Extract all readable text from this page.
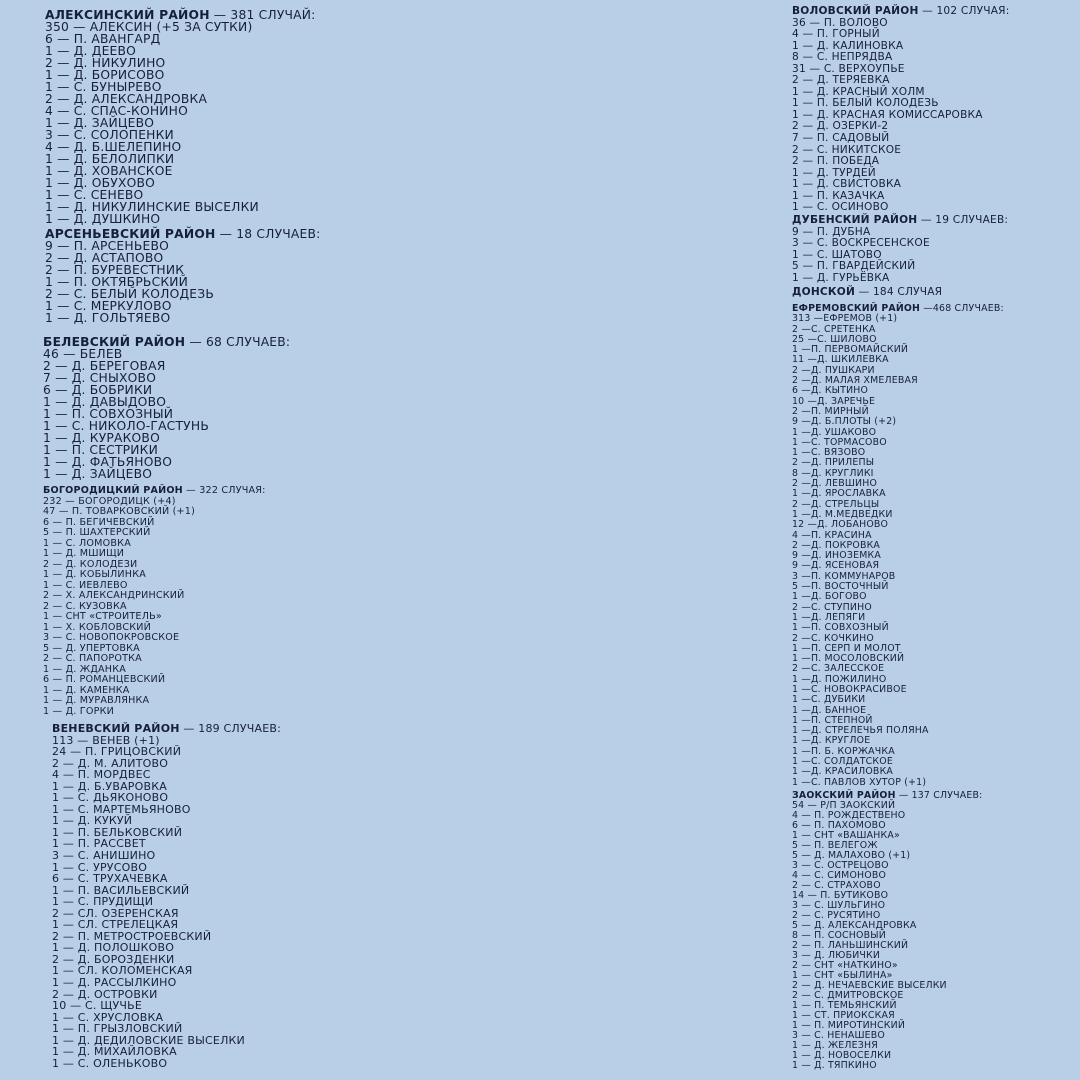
АЛЕКСИНСКИЙ РАЙОН — 381 СЛУЧАЙ:
350 — АЛЕКСИН (+5 ЗА СУТКИ)
6 — П. АВАНГАРД
1 — Д. ДЕЕВО
2 — Д. НИКУЛИНО
1 — Д. БОРИСОВО
1 — С. БУНЫРЕВO
2 — Д. АЛЕКСАНДРОВКА
4 — С. СПАС-КОНИНО
1 — Д. ЗАЙЦЕВО
3 — С. СОЛОПЕНКИ
4 — Д. Б.ШЕЛЕПИНО
1 — Д. БЕЛОЛИПКИ
1 — Д. ХОВАНСКОЕ
1 — Д. ОБУХОВО
1 — С. СЕНЕВО
1 — Д. НИКУЛИНСКИЕ ВЫСЕЛКИ
1 — Д. ДУШКИНО
АРСЕНЬЕВСКИЙ РАЙОН — 18 СЛУЧАЕВ:
9 — П. АРСЕНЬЕВО
2 — Д. АСТАПОВО
2 — П. БУРЕВЕСТНИК
1 — П. ОКТЯБРЬСКИЙ
2 — С. БЕЛЫЙ КОЛОДЕЗЬ
1 — С. МЕРКУЛОВО
1 — Д. ГОЛЬТЯЕВО
БЕЛЕВСКИЙ РАЙОН — 68 СЛУЧАЕВ:
46 — БЕЛЕВ
2 — Д. БЕРЕГОВАЯ
7 — Д. СНЫХОВО
6 — Д. БОБРИКИ
1 — Д. ДАВЫДОВО
1 — П. СОВХОЗНЫЙ
1 — С. НИКОЛО-ГАСТУНЬ
1 — Д. КУРАКОВО
1 — П. СЕСТРИКИ
1 — Д. ФАТЬЯНОВО
1 — Д. ЗАЙЦЕВО
БОГОРОДИЦКИЙ РАЙОН — 322 СЛУЧАЯ:
232 — БОГОРОДИЦК (+4)
47 — П. ТОВАРКОВСКИЙ (+1)
6 — П. БЕГИЧЕВСКИЙ
5 — П. ШАХТЕРСКИЙ
1 — С. ЛОМОВКА
1 — Д. МШИЩИ
2 — Д. КОЛОДЕЗИ
1 — Д. КОБЫЛИНКА
1 — С. ИЕВЛЕВО
2 — Х. АЛЕКСАНДРИНСКИЙ
2 — С. КУЗОВКА
1 — СНТ «СТРОИТЕЛЬ»
1 — Х. КОБЛОВСКИЙ
3 — С. НОВОПОКРОВСКОЕ
5 — Д. УПЕРТОВКА
2 — С. ПАПОРОТКА
1 — Д. ЖДАНКА
6 — П. РОМАНЦЕВСКИЙ
1 — Д. КАМЕНКА
1 — Д. МУРАВЛЯНКА
1 — Д. ГОРКИ
ВЕНЕВСКИЙ РАЙОН — 189 СЛУЧАЕВ:
113 — ВЕНЕВ (+1)
24 — П. ГРИЦОВСКИЙ
2 — Д. М. АЛИТОВО
4 — П. МОРДВЕС
1 — Д. Б.УВАРОВКА
1 — С. ДЬЯКОНОВО
1 — С. МАРТЕМЬЯНОВО
1 — Д. КУКУЙ
1 — П. БЕЛЬКОВСКИЙ
1 — П. РАССВЕТ
3 — С. АНИШИНО
1 — С. УРУСОВО
6 — С. ТРУХАЧЕВКА
1 — П. ВАСИЛЬЕВСКИЙ
1 — С. ПРУДИЩИ
2 — СЛ. ОЗЕРЕНСКАЯ
1 — СЛ. СТРЕЛЕЦКАЯ
2 — П. МЕТРОСТРОЕВСКИЙ
1 — Д. ПОЛОШКОВО
2 — Д. БОРОЗДЕНКИ
1 — СЛ. КОЛОМЕНСКАЯ
1 — Д. РАССЫЛКИНО
2 — Д. ОСТРОВКИ
10 — С. ЩУЧЬЕ
1 — С. ХРУСЛОВКА
1 — П. ГРЫЗЛОВСКИЙ
1 — Д. ДЕДИЛОВСКИЕ ВЫСЕЛКИ
1 — Д. МИХАЙЛОВКА
1 — С. ОЛЕНЬКОВО
ВОЛОВСКИЙ РАЙОН — 102 СЛУЧАЯ:
36 — П. ВОЛОВО
4 — П. ГОРНЫЙ
1 — Д. КАЛИНОВКА
8 — С. НЕПРЯДВА
31 — С. ВЕРХОУПЬЕ
2 — Д. ТЕРЯЕВКА
1 — Д. КРАСНЫЙ ХОЛМ
1 — П. БЕЛЫЙ КОЛОДЕЗЬ
1 — Д. КРАСНАЯ КОМИССАРОВКА
2 — Д. ОЗЕРКИ-2
7 — П. САДОВЫЙ
2 — С. НИКИТСКОЕ
2 — П. ПОБЕДА
1 — Д. ТУРДЕЙ
1 — Д. СВИСТОВКА
1 — П. КАЗАЧКА
1 — С. ОСИНОВО
ДУБЕНСКИЙ РАЙОН — 19 СЛУЧАЕВ:
9 — П. ДУБНА
3 — С. ВОСКРЕСЕНСКОЕ
1 — С. ШАТОВО
5 — П. ГВАРДЕЙСКИЙ
1 — Д. ГУРЬЁВКА
ДОНСКОЙ — 184 СЛУЧАЯ
ЕФРЕМОВСКИЙ РАЙОН —468 СЛУЧАЕВ:
313 —ЕФРЕМОВ (+1)
2 —С. СРЕТЕНКА
25 —С. ШИЛОВО
1 —П. ПЕРВОМАЙСКИЙ
11 —Д. ШКИЛЕВКА
2 —Д. ПУШКАРИ
2 —Д. МАЛАЯ ХМЕЛЕВАЯ
6 —Д. КЫТИНО
10 —Д. ЗАРЕЧЬЕ
2 —П. МИРНЫЙ
9 —Д. Б.ПЛОТЫ (+2)
1 —Д. УШАКОВО
1 —С. ТОРМАСОВО
1 —С. ВЯЗОВО
2 —Д. ПРИЛЕПЫ
8 —Д. КРУГЛИКI
2 —Д. ЛЕВШИНО
1 —Д. ЯРОСЛАВКА
2 —Д. СТРЕЛЬЦЫ
1 —Д. М.МЕДВЕДКИ
12 —Д. ЛОБАНОВО
4 —П. КРАСИНА
2 —Д. ПОКРОВКА
9 —Д. ИНОЗЕМКА
9 —Д. ЯСЕНОВАЯ
3 —П. КОММУНАРОВ
5 —П. ВОСТОЧНЫЙ
1 —Д. БОГОВО
2 —С. СТУПИНО
1 —Д. ЛЕПЯГИ
1 —П. СОВХОЗНЫЙ
2 —С. КОЧКИНО
1 —П. СЕРП И МОЛОТ
1 —П. МОСОЛОВСКИЙ
2 —С. ЗАЛЕССКОЕ
1 —Д. ПОЖИЛИНО
1 —С. НОВОКРАСИВОЕ
1 —С. ДУБИКИ
1 —Д. БАННОЕ
1 —П. СТЕПНОЙ
1 —Д. СТРЕЛЕЧЬЯ ПОЛЯНА
1 —Д. КРУГЛОЕ
1 —П. Б. КОРЖАЧКА
1 —С. СОЛДАТСКОЕ
1 —Д. КРАСИЛОВКА
1 —С. ПАВЛОВ ХУТОР (+1)
ЗАОКСКИЙ РАЙОН — 137 СЛУЧАЕВ:
54 — Р/П ЗАОКСКИЙ
4 — П. РОЖДЕСТВЕНО
6 — П. ПАХОМОВО
1 — СНТ «ВАШАНКА»
5 — П. ВЕЛЕГОЖ
5 — Д. МАЛАХОВО (+1)
3 — С. ОСТРЕЦОВО
4 — С. СИМОНОВО
2 — С. СТРАХОВО
14 — П. БУТИКОВО
3 — С. ШУЛЬГИНО
2 — С. РУСЯТИНО
5 — Д. АЛЕКСАНДРОВКА
8 — П. СОСНОВЫЙ
2 — П. ЛАНЬШИНСКИЙ
3 — Д. ЛЮБИЧКИ
2 — СНТ «НАТКИНО»
1 — СНТ «БЫЛИНА»
2 — Д. НЕЧАЕВСКИЕ ВЫСЕЛКИ
2 — С. ДМИТРОВСКОЕ
1 — П. ТЕМЬЯНСКИЙ
1 — СТ. ПРИОКСКАЯ
1 — П. МИРОТИНСКИЙ
3 — С. НЕНАШЕВО
1 — Д. ЖЕЛЕЗНЯ
1 — Д. НОВОСЕЛКИ
1 — Д. ТЯПКИНО
